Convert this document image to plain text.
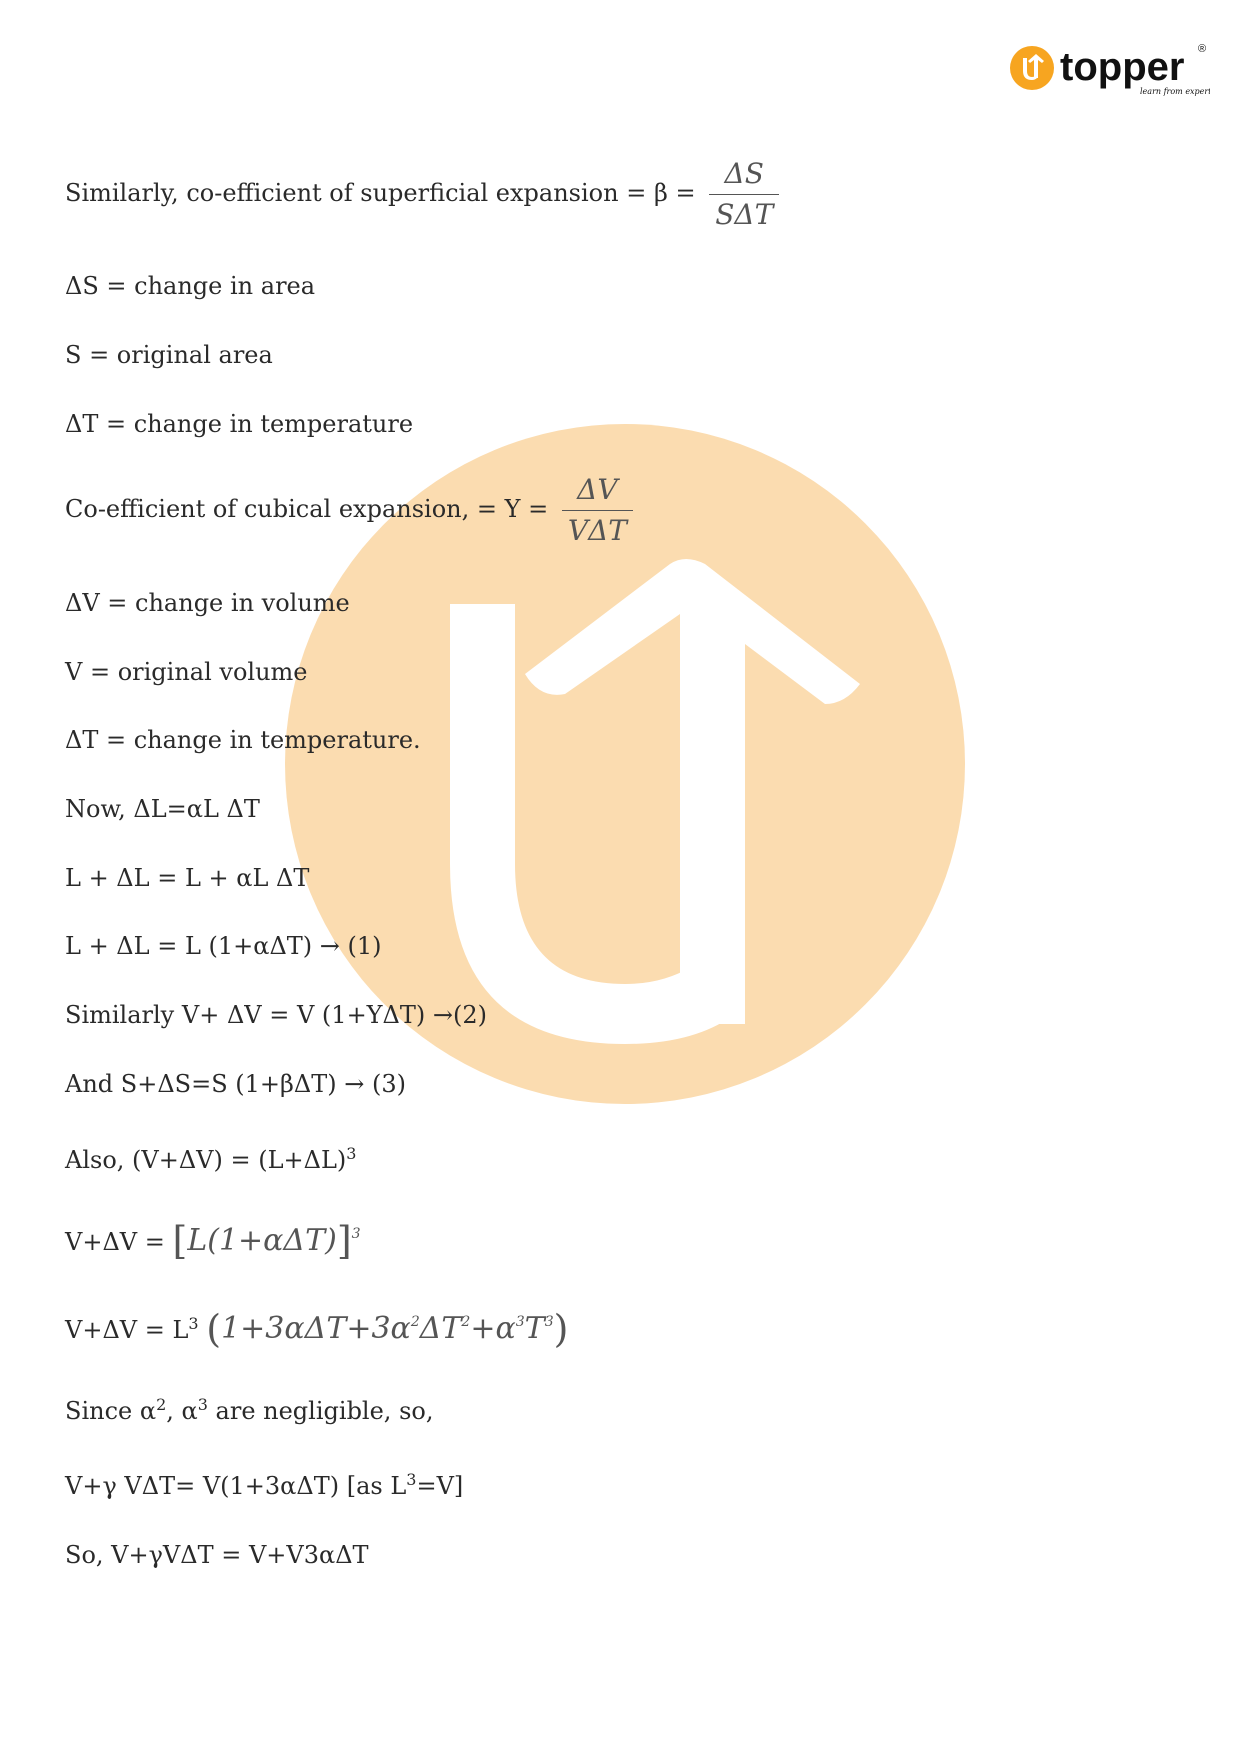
topper ®
learn from experts
Similarly, co-efficient of superficial expansion = $\beta = \frac{\Delta S}{\text{SΔT}}$
ΔS = change in area
S = original area
ΔT = change in temperature
Co-efficient of cubical expansion, = $Y = \frac{\Delta V}{\text{VΔT}}$
ΔV = change in volume
V = original volume
ΔT = change in temperature.
Now, ΔL=αL ΔT
L + ΔL = L + αL ΔT
L + ΔL = L (1+αΔT) → (1)
Similarly V+ ΔV = V (1+YΔT) →(2)
And S+ΔS=S (1+βΔT) → (3)
Also, $(V+\Delta V) = (L+\Delta L)^3$
$V+\Delta V = [L(1+\alpha\Delta T)]^3$
$V+\Delta V = L^3$ $(1+3\alpha\Delta T+3\alpha^2\Delta T^2+\alpha^3T^3)$
Since $\alpha^2$, $\alpha^3$ are negligible, so,
V+γ VΔT= V(1+3αΔT) [as $L^3=V$]
So, V+γVΔT = V+V3αΔT
